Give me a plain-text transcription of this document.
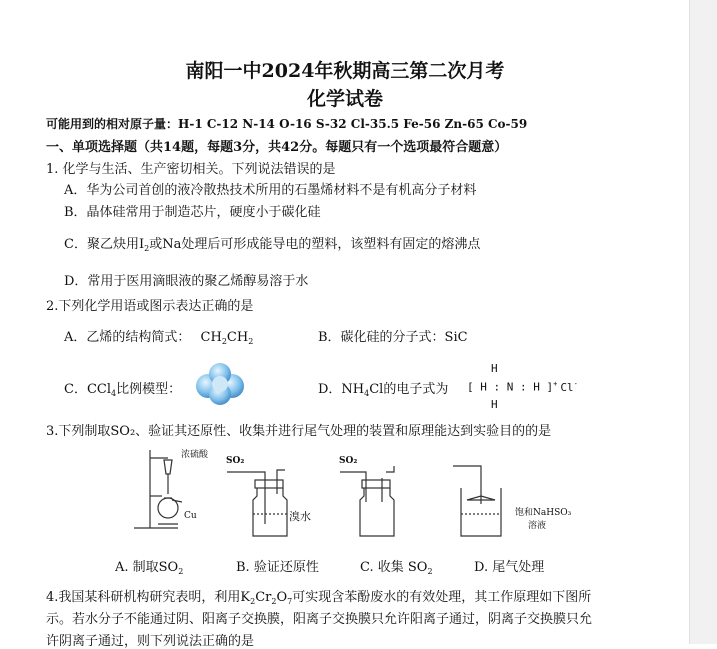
南阳一中2024年秋期高三第二次月考
化学试卷
可能用到的相对原子量：H-1 C-12 N-14 O-16 S-32 Cl-35.5 Fe-56 Zn-65 Co-59
一、单项选择题（共14题，每题3分，共42分。每题只有一个选项最符合题意）
1. 化学与生活、生产密切相关。下列说法错误的是
A．华为公司首创的液冷散热技术所用的石墨烯材料不是有机高分子材料
B．晶体硅常用于制造芯片，硬度小于碳化硅
C．聚乙炔用$I_2$或Na处理后可形成能导电的塑料，该塑料有固定的熔沸点
D．常用于医用滴眼液的聚乙烯醇易溶于水
2.下列化学用语或图示表达正确的是
A．乙烯的结构简式： $CH_2CH_2$	B．碳化硅的分子式：SiC
C．CCl$_4$比例模型：	D．$NH_4Cl$的电子式为
H
[ H : N : H ]+ Cl-
H
3.下列制取SO₂、验证其还原性、收集并进行尾气处理的装置和原理能达到实验目的的是
浓硫酸
Cu
SO₂
溴水
SO₂
饱和NaHSO₃
溶液
A. 制取$SO_2$	B. 验证还原性	C. 收集 $SO_2$	D. 尾气处理
4.我国某科研机构研究表明，利用$K_2Cr_2O_7$可实现含苯酚废水的有效处理，其工作原理如下图所
示。若水分子不能通过阴、阳离子交换膜，阳离子交换膜只允许阳离子通过，阴离子交换膜只允
许阴离子通过，则下列说法正确的是
